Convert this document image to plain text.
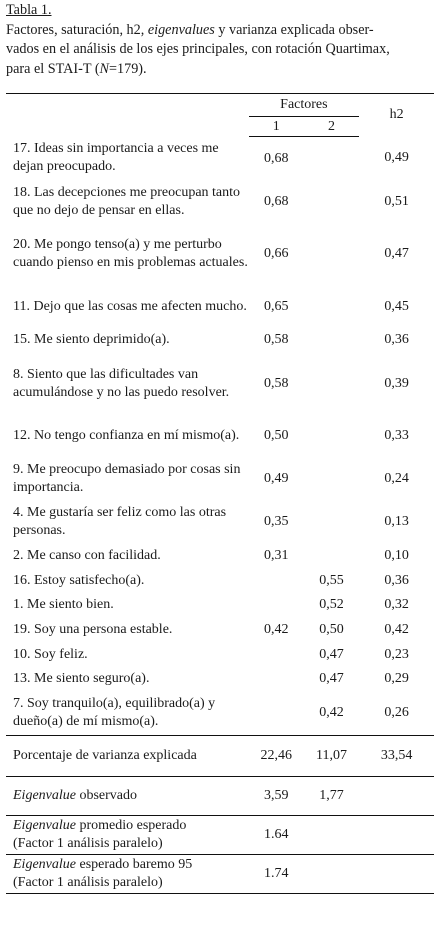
Tabla 1.

Factores, saturación, h2, eigenvalues y varianza explicada obser-

vados en el análisis de los ejes principales, con rotación Quartimax,

para el STAI-T (N=179).

	Factores		h2
	1	2	
17. Ideas sin importancia a veces me dejan preocupado.	0,68		0,49
18. Las decepciones me preocupan tanto que no dejo de pensar en ellas.	0,68		0,51
20. Me pongo tenso(a) y me perturbo cuando pienso en mis problemas actuales.	0,66		0,47
11. Dejo que las cosas me afecten mucho.	0,65		0,45
15. Me siento deprimido(a).	0,58		0,36
8. Siento que las dificultades van acumulándose y no las puedo resolver.	0,58		0,39
12. No tengo confianza en mí mismo(a).	0,50		0,33
9. Me preocupo demasiado por cosas sin importancia.	0,49		0,24
4. Me gustaría ser feliz como las otras personas.	0,35		0,13
2. Me canso con facilidad.	0,31		0,10
16. Estoy satisfecho(a).		0,55	0,36
1. Me siento bien.		0,52	0,32
19. Soy una persona estable.	0,42	0,50	0,42
10. Soy feliz.		0,47	0,23
13. Me siento seguro(a).		0,47	0,29
7. Soy tranquilo(a), equilibrado(a) y dueño(a) de mí mismo(a).		0,42	0,26
Porcentaje de varianza explicada	22,46	11,07	33,54
Eigenvalue observado	3,59	1,77	

Eigenvalue promedio esperado
(Factor 1 análisis paralelo)	1.64		

Eigenvalue esperado baremo 95
(Factor 1 análisis paralelo)	1.74		
